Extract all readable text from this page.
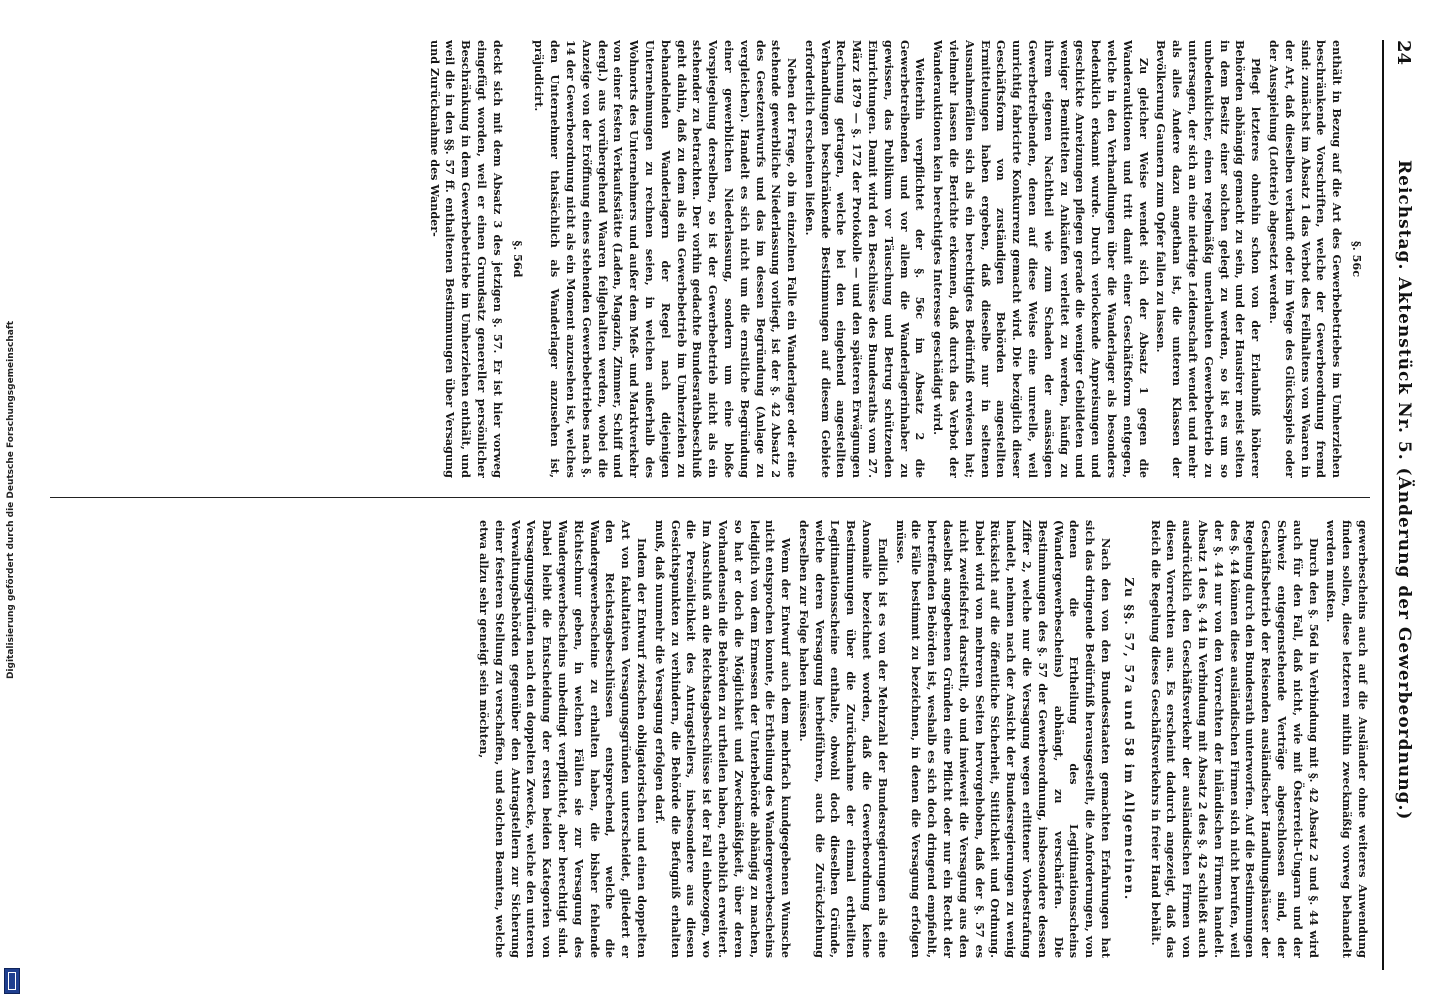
Digitalisierung gefördert durch die Deutsche Forschungsgemeinschaft
24
Reichstag. Aktenstück Nr. 5. (Änderung der Gewerbeordnung.)

§. 56c

enthält in Bezug auf die Art des Gewerbebetriebes im Umherziehen beschränkende Vorschriften, welche der Gewerbeordnung fremd sind: zunächst im Absatz 1 das Verbot des Feilhaltens von Waaren in der Art, daß dieselben verkauft oder im Wege des Glücksspiels oder der Ausspielung (Lotterie) abgesetzt werden.

Pflegt letzteres ohnehin schon von der Erlaubniß höherer Behörden abhängig gemacht zu sein, und der Hausirer meist selten in dem Besitz einer solchen gelegt zu werden, so ist es um so unbedenklicher, einen regelmäßig unerlaubten Gewerbebetrieb zu untersagen, der sich an eine niedrige Leidenschaft wendet und mehr als alles Andere dazu angethan ist, die unteren Klassen der Bevölkerung Gaunern zum Opfer fallen zu lassen.

Zu gleicher Weise wendet sich der Absatz 1 gegen die Wanderauktionen und tritt damit einer Geschäftsform entgegen, welche in den Verhandlungen über die Wanderlager als besonders bedenklich erkannt wurde. Durch verlockende Anpreisungen und geschickte Anreizungen pflegen gerade die weniger Gebildeten und weniger Bemittelten zu Ankäufen verleitet zu werden, häufig zu ihrem eigenen Nachtheil wie zum Schaden der ansässigen Gewerbetreibenden, denen auf diese Weise eine unreelle, weil unrichtig fabricirte Konkurrenz gemacht wird. Die bezüglich dieser Geschäftsform von zuständigen Behörden angestellten Ermittelungen haben ergeben, daß dieselbe nur in seltenen Ausnahmefällen sich als ein berechtigtes Bedürfniß erwiesen hat; vielmehr lassen die Berichte erkennen, daß durch das Verbot der Wanderauktionen kein berechtigtes Interesse geschädigt wird.

Weiterhin verpflichtet der §. 56c im Absatz 2 die Gewerbetreibenden und vor allem die Wanderlagerinhaber zu gewissen, das Publikum vor Täuschung und Betrug schützenden Einrichtungen. Damit wird den Beschlüsse des Bundesraths vom 27. März 1879 — §. 172 der Protokolle — und den späteren Erwägungen Rechnung getragen, welche bei den eingehend angestellten Verhandlungen beschränkende Bestimmungen auf diesem Gebiete erforderlich erscheinen ließen.

Neben der Frage, ob im einzelnen Falle ein Wanderlager oder eine stehende gewerbliche Niederlassung vorliegt, ist der §. 42 Absatz 2 des Gesetzentwurfs und das im dessen Begründung (Anlage zu vergleichen). Handelt es sich nicht um die ernstliche Begründung einer gewerblichen Niederlassung, sondern um eine bloße Vorspiegelung derselben, so ist der Gewerbebetrieb nicht als ein stehender zu betrachten. Der vorhin gedachte Bundesrathsbeschluß geht dahin, daß zu dem als ein Gewerbebetrieb im Umherziehen zu behandelnden Wanderlagern der Regel nach diejenigen Unternehmungen zu rechnen seien, in welchen außerhalb des Wohnorts des Unternehmers und außer dem Meß- und Marktverkehr von einer festen Verkaufsstätte (Laden, Magazin, Zimmer, Schiff und dergl.) aus vorübergehend Waaren feilgehalten werden, wobei die Anzeige von der Eröffnung eines stehenden Gewerbebetriebes nach §. 14 der Gewerbeordnung nicht als ein Moment anzusehen ist, welches den Unternehmer thatsächlich als Wanderlager anzusehen ist, präjudicirt.

§. 56d

deckt sich mit dem Absatz 3 des jetzigen §. 57. Er ist hier vorweg eingefügt worden, weil er einen Grundsatz genereller persönlicher Beschränkung in dem Gewerbebetriebe im Umherziehen enthält, und weil die in den §§. 57 ff. enthaltenen Bestimmungen über Versagung und Zurücknahme des Wander-

gewerbescheins auch auf die Ausländer ohne weiteres Anwendung finden sollen, diese letzteren mithin zweckmäßig vorweg behandelt werden mußten.

Durch den §. 56d in Verbindung mit §. 42 Absatz 2 und §. 44 wird auch für den Fall, daß nicht, wie mit Österreich-Ungarn und der Schweiz entgegenstehende Verträge abgeschlossen sind, der Geschäftsbetrieb der Reisenden ausländischer Handlungshäuser der Regelung durch den Bundesrath unterworfen. Auf die Bestimmungen des §. 44 können diese ausländischen Firmen sich nicht berufen, weil der §. 44 nur von den Vorrechten der inländischen Firmen handelt. Absatz 1 des §. 44 in Verbindung mit Absatz 2 des §. 42 schließt auch ausdrücklich den Geschäftsverkehr der ausländischen Firmen von diesen Vorrechten aus. Es erscheint dadurch angezeigt, daß das Reich die Regelung dieses Geschäftsverkehrs in freier Hand behält.

Zu §§. 57, 57a und 58 im Allgemeinen.

Nach den von den Bundesstaaten gemachten Erfahrungen hat sich das dringende Bedürfniß herausgestellt, die Anforderungen, von denen die Ertheilung des Legitimationsscheins (Wandergewerbescheins) abhängt, zu verschärfen. Die Bestimmungen des §. 57 der Gewerbeordnung, insbesondere dessen Ziffer 2, welche nur die Versagung wegen erlittener Vorbestrafung handelt, nehmen nach der Ansicht der Bundesregierungen zu wenig Rücksicht auf die öffentliche Sicherheit, Sittlichkeit und Ordnung. Dabei wird von mehreren Seiten hervorgehoben, daß der §. 57 es nicht zweifelsfrei darstellt, ob und inwieweit die Versagung aus den daselbst angegebenen Gründen eine Pflicht oder nur ein Recht der betreffenden Behörden ist, weshalb es sich doch dringend empfiehlt, die Fälle bestimmt zu bezeichnen, in denen die Versagung erfolgen müsse.

Endlich ist es von der Mehrzahl der Bundesregierungen als eine Anomalie bezeichnet worden, daß die Gewerbeordnung keine Bestimmungen über die Zurücknahme der einmal ertheilten Legitimationsscheine enthalte, obwohl doch dieselben Gründe, welche deren Versagung herbeiführen, auch die Zurückziehung derselben zur Folge haben müssen.

Wenn der Entwurf auch dem mehrfach kundgegebenen Wunsche nicht entsprochen konnte, die Ertheilung des Wandergewerbescheins lediglich von dem Ermessen der Unterbehörde abhängig zu machen, so hat er doch die Möglichkeit und Zweckmäßigkeit, über deren Vorhandensein die Behörden zu urtheilen haben, erheblich erweitert. Im Anschluß an die Reichstagsbeschlüsse ist der Fall einbezogen, wo die Persönlichkeit des Antragstellers, insbesondere aus diesen Gesichtspunkten zu verhindern, die Behörde die Befugniß erhalten muß, daß nunmehr die Versagung erfolgen darf.

Indem der Entwurf zwischen obligatorischen und einen doppelten Art von fakultativen Versagungsgründen unterscheidet, gliedert er den Reichstagsbeschlüssen entsprechend, welche die Wandergewerbescheine zu erhalten haben, die bisher fehlende Richtschnur geben, in welchen Fällen sie zur Versagung des Wandergewerbescheins unbedingt verpflichtet, aber berechtigt sind. Dabei bleibt die Entscheidung der ersten beiden Kategorien von Versagungsgründen nach den doppelten Zwecke, welche den unteren Verwaltungsbehörden gegenüber den Antragstellern zur Sicherung einer festeren Stellung zu verschaffen, und solchen Beamten, welche etwa allzu sehr geneigt sein möchten,
